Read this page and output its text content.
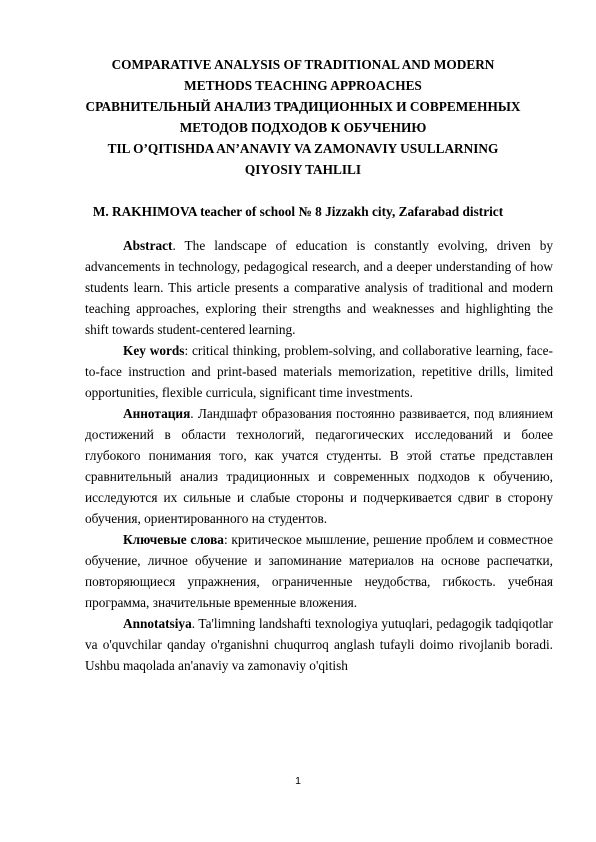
COMPARATIVE ANALYSIS OF TRADITIONAL AND MODERN
METHODS TEACHING APPROACHES
СРАВНИТЕЛЬНЫЙ АНАЛИЗ ТРАДИЦИОННЫХ И СОВРЕМЕННЫХ
МЕТОДОВ ПОДХОДОВ К ОБУЧЕНИЮ
TIL O’QITISHDA AN’ANAVIY VA ZAMONAVIY USULLARNING
QIYOSIY TAHLILI
M. RAKHIMOVA teacher of school № 8 Jizzakh city, Zafarabad district

Abstract. The landscape of education is constantly evolving, driven by advancements in technology, pedagogical research, and a deeper understanding of how students learn. This article presents a comparative analysis of traditional and modern teaching approaches, exploring their strengths and weaknesses and highlighting the shift towards student-centered learning.

Key words: critical thinking, problem-solving, and collaborative learning, face-to-face instruction and print-based materials memorization, repetitive drills, limited opportunities, flexible curricula, significant time investments.

Аннотация. Ландшафт образования постоянно развивается, под влиянием достижений в области технологий, педагогических исследований и более глубокого понимания того, как учатся студенты. В этой статье представлен сравнительный анализ традиционных и современных подходов к обучению, исследуются их сильные и слабые стороны и подчеркивается сдвиг в сторону обучения, ориентированного на студентов.

Ключевые слова: критическое мышление, решение проблем и совместное обучение, личное обучение и запоминание материалов на основе распечатки, повторяющиеся упражнения, ограниченные неудобства, гибкость. учебная программа, значительные временные вложения.

Annotatsiya. Ta'limning landshafti texnologiya yutuqlari, pedagogik tadqiqotlar va o'quvchilar qanday o'rganishni chuqurroq anglash tufayli doimo rivojlanib boradi. Ushbu maqolada an'anaviy va zamonaviy o'qitish

1
